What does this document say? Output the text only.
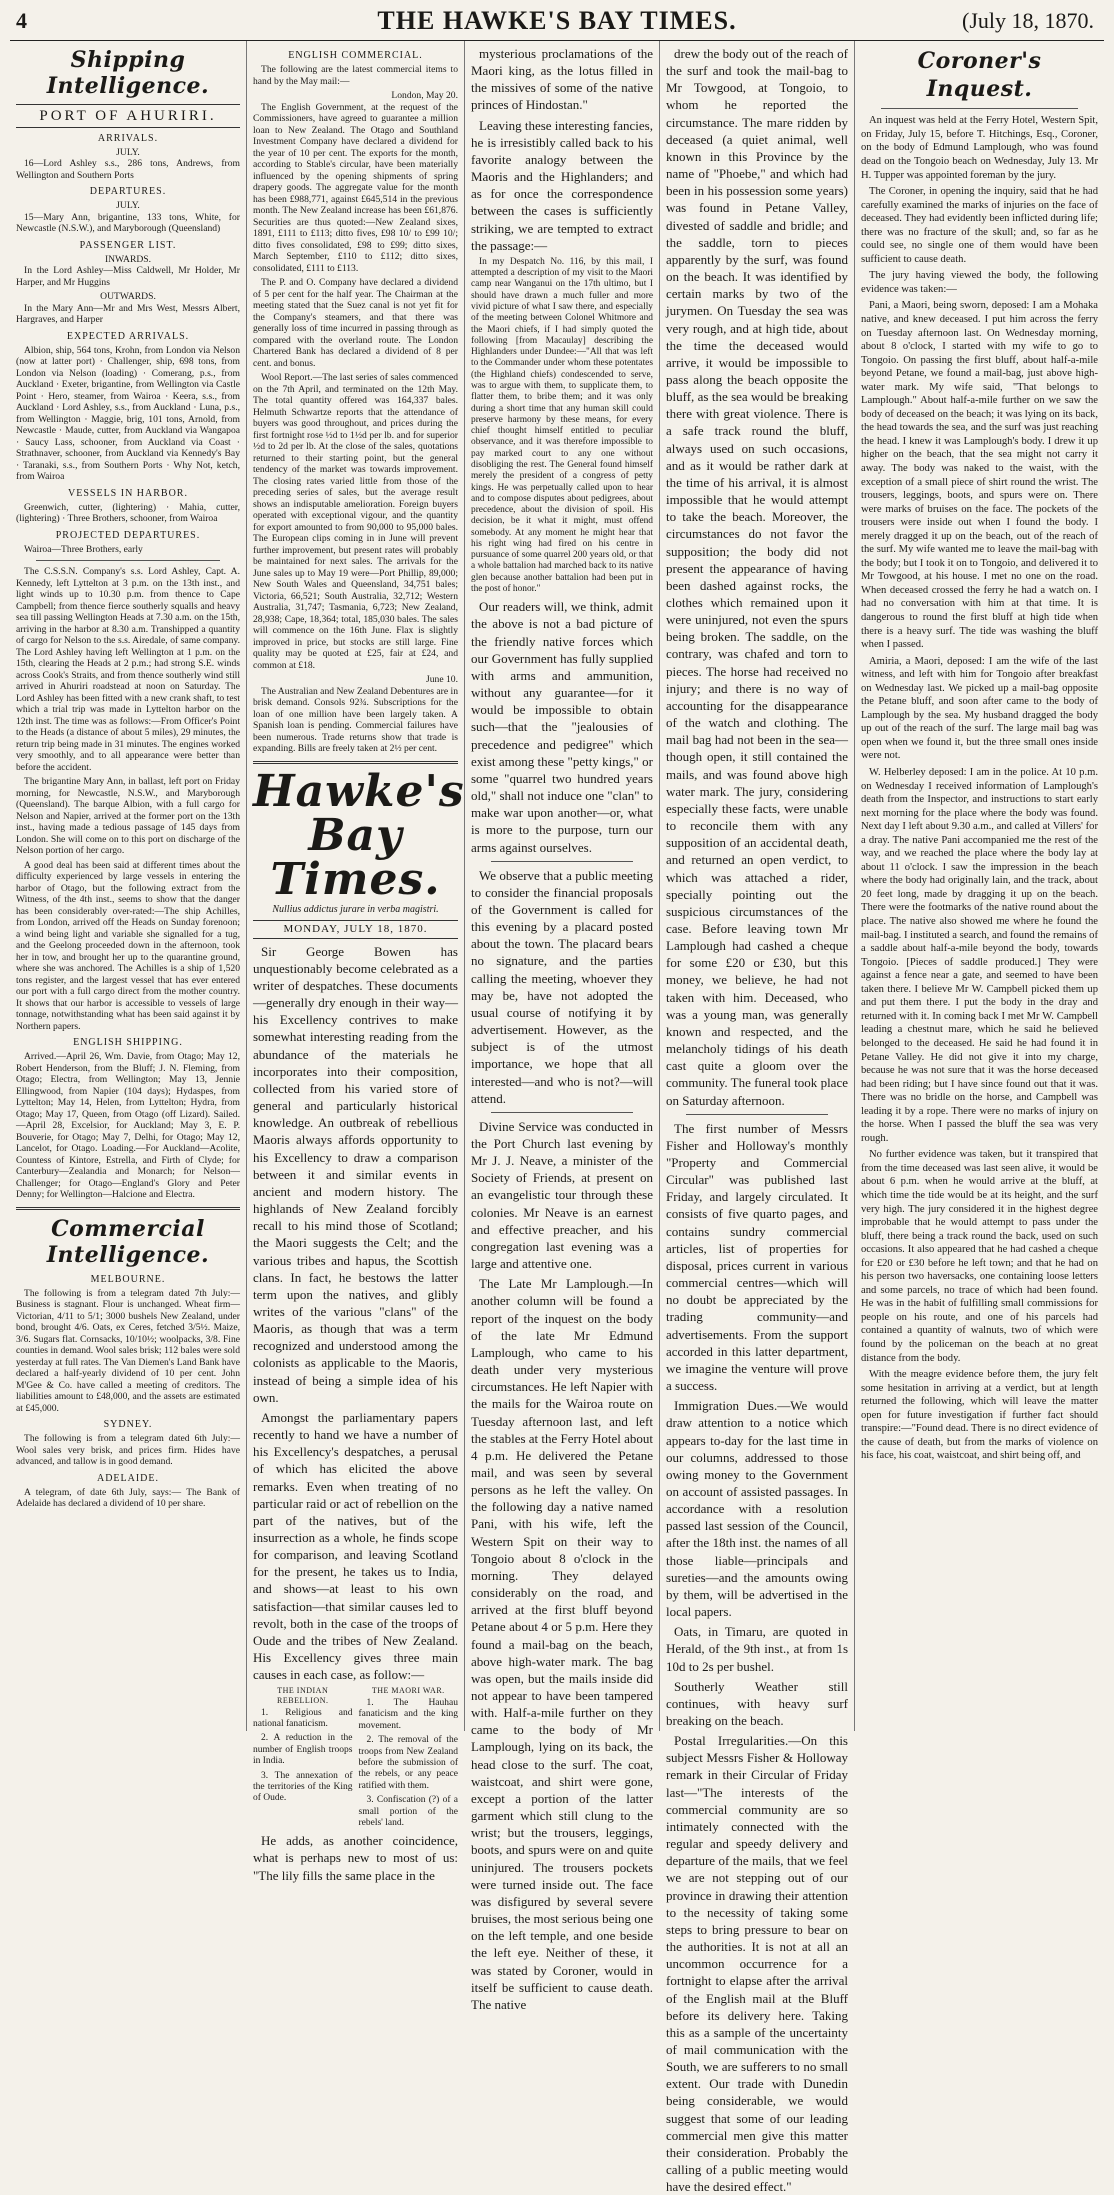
4	THE HAWKE'S BAY TIMES.	(July 18, 1870.
Shipping Intelligence.
PORT OF AHURIRI.
ARRIVALS.
JULY.

16—Lord Ashley s.s., 286 tons, Andrews, from Wellington and Southern Ports

DEPARTURES.
JULY.

15—Mary Ann, brigantine, 133 tons, White, for Newcastle (N.S.W.), and Maryborough (Queensland)

PASSENGER LIST.
INWARDS.

In the Lord Ashley—Miss Caldwell, Mr Holder, Mr Harper, and Mr Huggins

OUTWARDS.

In the Mary Ann—Mr and Mrs West, Messrs Albert, Hargraves, and Harper

EXPECTED ARRIVALS.

Albion, ship, 564 tons, Krohn, from London via Nelson (now at latter port) · Challenger, ship, 698 tons, from London via Nelson (loading) · Comerang, p.s., from Auckland · Exeter, brigantine, from Wellington via Castle Point · Hero, steamer, from Wairoa · Keera, s.s., from Auckland · Lord Ashley, s.s., from Auckland · Luna, p.s., from Wellington · Maggie, brig, 101 tons, Arnold, from Newcastle · Maude, cutter, from Auckland via Wangapoa · Saucy Lass, schooner, from Auckland via Coast · Strathnaver, schooner, from Auckland via Kennedy's Bay · Taranaki, s.s., from Southern Ports · Why Not, ketch, from Wairoa

VESSELS IN HARBOR.

Greenwich, cutter, (lightering) · Mahia, cutter, (lightering) · Three Brothers, schooner, from Wairoa

PROJECTED DEPARTURES.

Wairoa—Three Brothers, early

The C.S.S.N. Company's s.s. Lord Ashley, Capt. A. Kennedy, left Lyttelton at 3 p.m. on the 13th inst., and light winds up to 10.30 p.m. from thence to Cape Campbell; from thence fierce southerly squalls and heavy sea till passing Wellington Heads at 7.30 a.m. on the 15th, arriving in the harbor at 8.30 a.m. Transhipped a quantity of cargo for Nelson to the s.s. Airedale, of same company. The Lord Ashley having left Wellington at 1 p.m. on the 15th, clearing the Heads at 2 p.m.; had strong S.E. winds across Cook's Straits, and from thence southerly wind still arrived in Ahuriri roadstead at noon on Saturday. The Lord Ashley has been fitted with a new crank shaft, to test which a trial trip was made in Lyttelton harbor on the 12th inst. The time was as follows:—From Officer's Point to the Heads (a distance of about 5 miles), 29 minutes, the return trip being made in 31 minutes. The engines worked very smoothly, and to all appearance were better than before the accident.

The brigantine Mary Ann, in ballast, left port on Friday morning, for Newcastle, N.S.W., and Maryborough (Queensland). The barque Albion, with a full cargo for Nelson and Napier, arrived at the former port on the 13th inst., having made a tedious passage of 145 days from London. She will come on to this port on discharge of the Nelson portion of her cargo.

A good deal has been said at different times about the difficulty experienced by large vessels in entering the harbor of Otago, but the following extract from the Witness, of the 4th inst., seems to show that the danger has been considerably over-rated:—The ship Achilles, from London, arrived off the Heads on Sunday forenoon; a wind being light and variable she signalled for a tug, and the Geelong proceeded down in the afternoon, took her in tow, and brought her up to the quarantine ground, where she was anchored. The Achilles is a ship of 1,520 tons register, and the largest vessel that has ever entered our port with a full cargo direct from the mother country. It shows that our harbor is accessible to vessels of large tonnage, notwithstanding what has been said against it by Northern papers.

ENGLISH SHIPPING.

Arrived.—April 26, Wm. Davie, from Otago; May 12, Robert Henderson, from the Bluff; J. N. Fleming, from Otago; Electra, from Wellington; May 13, Jennie Ellingwood, from Napier (104 days); Hydaspes, from Lyttelton; May 14, Helen, from Lyttelton; Hydra, from Otago; May 17, Queen, from Otago (off Lizard). Sailed.—April 28, Excelsior, for Auckland; May 3, E. P. Bouverie, for Otago; May 7, Delhi, for Otago; May 12, Lancelot, for Otago. Loading.—For Auckland—Acolite, Countess of Kintore, Estrella, and Firth of Clyde; for Canterbury—Zealandia and Monarch; for Nelson—Challenger; for Otago—England's Glory and Peter Denny; for Wellington—Halcione and Electra.

Commercial Intelligence.
MELBOURNE.

The following is from a telegram dated 7th July:— Business is stagnant. Flour is unchanged. Wheat firm—Victorian, 4/11 to 5/1; 3000 bushels New Zealand, under bond, brought 4/6. Oats, ex Ceres, fetched 3/5½. Maize, 3/6. Sugars flat. Cornsacks, 10/10½; woolpacks, 3/8. Fine counties in demand. Wool sales brisk; 112 bales were sold yesterday at full rates. The Van Diemen's Land Bank have declared a half-yearly dividend of 10 per cent. John M'Gee & Co. have called a meeting of creditors. The liabilities amount to £48,000, and the assets are estimated at £45,000.

SYDNEY.

The following is from a telegram dated 6th July:— Wool sales very brisk, and prices firm. Hides have advanced, and tallow is in good demand.

ADELAIDE.

A telegram, of date 6th July, says:— The Bank of Adelaide has declared a dividend of 10 per share.

ENGLISH COMMERCIAL.

The following are the latest commercial items to hand by the May mail:—

London, May 20.

The English Government, at the request of the Commissioners, have agreed to guarantee a million loan to New Zealand. The Otago and Southland Investment Company have declared a dividend for the year of 10 per cent. The exports for the month, according to Stable's circular, have been materially influenced by the opening shipments of spring drapery goods. The aggregate value for the month has been £988,771, against £645,514 in the previous month. The New Zealand increase has been £61,876. Securities are thus quoted:—New Zealand sixes, 1891, £111 to £113; ditto fives, £98 10/ to £99 10/; ditto fives consolidated, £98 to £99; ditto sixes, March September, £110 to £112; ditto sixes, consolidated, £111 to £113.

The P. and O. Company have declared a dividend of 5 per cent for the half year. The Chairman at the meeting stated that the Suez canal is not yet fit for the Company's steamers, and that there was generally loss of time incurred in passing through as compared with the overland route. The London Chartered Bank has declared a dividend of 8 per cent. and bonus.

Wool Report.—The last series of sales commenced on the 7th April, and terminated on the 12th May. The total quantity offered was 164,337 bales. Helmuth Schwartze reports that the attendance of buyers was good throughout, and prices during the first fortnight rose ½d to 1½d per lb. and for superior ½d to 2d per lb. At the close of the sales, quotations returned to their starting point, but the general tendency of the market was towards improvement. The closing rates varied little from those of the preceding series of sales, but the average result shows an indisputable amelioration. Foreign buyers operated with exceptional vigour, and the quantity for export amounted to from 90,000 to 95,000 bales. The European clips coming in in June will prevent further improvement, but present rates will probably be maintained for next sales. The arrivals for the June sales up to May 19 were—Port Phillip, 89,000; New South Wales and Queensland, 34,751 bales; Victoria, 66,521; South Australia, 32,712; Western Australia, 31,747; Tasmania, 6,723; New Zealand, 28,938; Cape, 18,364; total, 185,030 bales. The sales will commence on the 16th June. Flax is slightly improved in price, but stocks are still large. Fine quality may be quoted at £25, fair at £24, and common at £18.

June 10.

The Australian and New Zealand Debentures are in brisk demand. Consols 92¾. Subscriptions for the loan of one million have been largely taken. A Spanish loan is pending. Commercial failures have been numerous. Trade returns show that trade is expanding. Bills are freely taken at 2½ per cent.

Hawke's Bay Times.
Nullius addictus jurare in verba magistri.
MONDAY, JULY 18, 1870.

Sir George Bowen has unquestionably become celebrated as a writer of despatches. These documents—generally dry enough in their way—his Excellency contrives to make somewhat interesting reading from the abundance of the materials he incorporates into their composition, collected from his varied store of general and particularly historical knowledge. An outbreak of rebellious Maoris always affords opportunity to his Excellency to draw a comparison between it and similar events in ancient and modern history. The highlands of New Zealand forcibly recall to his mind those of Scotland; the Maori suggests the Celt; and the various tribes and hapus, the Scottish clans. In fact, he bestows the latter term upon the natives, and glibly writes of the various "clans" of the Maoris, as though that was a term recognized and understood among the colonists as applicable to the Maoris, instead of being a simple idea of his own.

Amongst the parliamentary papers recently to hand we have a number of his Excellency's despatches, a perusal of which has elicited the above remarks. Even when treating of no particular raid or act of rebellion on the part of the natives, but of the insurrection as a whole, he finds scope for comparison, and leaving Scotland for the present, he takes us to India, and shows—at least to his own satisfaction—that similar causes led to revolt, both in the case of the troops of Oude and the tribes of New Zealand. His Excellency gives three main causes in each case, as follow:—

THE INDIAN REBELLION.

1. Religious and national fanaticism.

2. A reduction in the number of English troops in India.

3. The annexation of the territories of the King of Oude.

THE MAORI WAR.

1. The Hauhau fanaticism and the king movement.

2. The removal of the troops from New Zealand before the submission of the rebels, or any peace ratified with them.

3. Confiscation (?) of a small portion of the rebels' land.

He adds, as another coincidence, what is perhaps new to most of us: "The lily fills the same place in the

mysterious proclamations of the Maori king, as the lotus filled in the missives of some of the native princes of Hindostan."

Leaving these interesting fancies, he is irresistibly called back to his favorite analogy between the Maoris and the Highlanders; and as for once the correspondence between the cases is sufficiently striking, we are tempted to extract the passage:—

In my Despatch No. 116, by this mail, I attempted a description of my visit to the Maori camp near Wanganui on the 17th ultimo, but I should have drawn a much fuller and more vivid picture of what I saw there, and especially of the meeting between Colonel Whitmore and the Maori chiefs, if I had simply quoted the following [from Macaulay] describing the Highlanders under Dundee:—"All that was left to the Commander under whom these potentates (the Highland chiefs) condescended to serve, was to argue with them, to supplicate them, to flatter them, to bribe them; and it was only during a short time that any human skill could preserve harmony by these means, for every chief thought himself entitled to peculiar observance, and it was therefore impossible to pay marked court to any one without disobliging the rest. The General found himself merely the president of a congress of petty kings. He was perpetually called upon to hear and to compose disputes about pedigrees, about precedence, about the division of spoil. His decision, be it what it might, must offend somebody. At any moment he might hear that his right wing had fired on his centre in pursuance of some quarrel 200 years old, or that a whole battalion had marched back to its native glen because another battalion had been put in the post of honor."

Our readers will, we think, admit the above is not a bad picture of the friendly native forces which our Government has fully supplied with arms and ammunition, without any guarantee—for it would be impossible to obtain such—that the "jealousies of precedence and pedigree" which exist among these "petty kings," or some "quarrel two hundred years old," shall not induce one "clan" to make war upon another—or, what is more to the purpose, turn our arms against ourselves.

We observe that a public meeting to consider the financial proposals of the Government is called for this evening by a placard posted about the town. The placard bears no signature, and the parties calling the meeting, whoever they may be, have not adopted the usual course of notifying it by advertisement. However, as the subject is of the utmost importance, we hope that all interested—and who is not?—will attend.

Divine Service was conducted in the Port Church last evening by Mr J. J. Neave, a minister of the Society of Friends, at present on an evangelistic tour through these colonies. Mr Neave is an earnest and effective preacher, and his congregation last evening was a large and attentive one.

The Late Mr Lamplough.—In another column will be found a report of the inquest on the body of the late Mr Edmund Lamplough, who came to his death under very mysterious circumstances. He left Napier with the mails for the Wairoa route on Tuesday afternoon last, and left the stables at the Ferry Hotel about 4 p.m. He delivered the Petane mail, and was seen by several persons as he left the valley. On the following day a native named Pani, with his wife, left the Western Spit on their way to Tongoio about 8 o'clock in the morning. They delayed considerably on the road, and arrived at the first bluff beyond Petane about 4 or 5 p.m. Here they found a mail-bag on the beach, above high-water mark. The bag was open, but the mails inside did not appear to have been tampered with. Half-a-mile further on they came to the body of Mr Lamplough, lying on its back, the head close to the surf. The coat, waistcoat, and shirt were gone, except a portion of the latter garment which still clung to the wrist; but the trousers, leggings, boots, and spurs were on and quite uninjured. The trousers pockets were turned inside out. The face was disfigured by several severe bruises, the most serious being one on the left temple, and one beside the left eye. Neither of these, it was stated by Coroner, would in itself be sufficient to cause death. The native

drew the body out of the reach of the surf and took the mail-bag to Mr Towgood, at Tongoio, to whom he reported the circumstance. The mare ridden by deceased (a quiet animal, well known in this Province by the name of "Phoebe," and which had been in his possession some years) was found in Petane Valley, divested of saddle and bridle; and the saddle, torn to pieces apparently by the surf, was found on the beach. It was identified by certain marks by two of the jurymen. On Tuesday the sea was very rough, and at high tide, about the time the deceased would arrive, it would be impossible to pass along the beach opposite the bluff, as the sea would be breaking there with great violence. There is a safe track round the bluff, always used on such occasions, and as it would be rather dark at the time of his arrival, it is almost impossible that he would attempt to take the beach. Moreover, the circumstances do not favor the supposition; the body did not present the appearance of having been dashed against rocks, the clothes which remained upon it were uninjured, not even the spurs being broken. The saddle, on the contrary, was chafed and torn to pieces. The horse had received no injury; and there is no way of accounting for the disappearance of the watch and clothing. The mail bag had not been in the sea—though open, it still contained the mails, and was found above high water mark. The jury, considering especially these facts, were unable to reconcile them with any supposition of an accidental death, and returned an open verdict, to which was attached a rider, specially pointing out the suspicious circumstances of the case. Before leaving town Mr Lamplough had cashed a cheque for some £20 or £30, but this money, we believe, he had not taken with him. Deceased, who was a young man, was generally known and respected, and the melancholy tidings of his death cast quite a gloom over the community. The funeral took place on Saturday afternoon.

The first number of Messrs Fisher and Holloway's monthly "Property and Commercial Circular" was published last Friday, and largely circulated. It consists of five quarto pages, and contains sundry commercial articles, list of properties for disposal, prices current in various commercial centres—which will no doubt be appreciated by the trading community—and advertisements. From the support accorded in this latter department, we imagine the venture will prove a success.

Immigration Dues.—We would draw attention to a notice which appears to-day for the last time in our columns, addressed to those owing money to the Government on account of assisted passages. In accordance with a resolution passed last session of the Council, after the 18th inst. the names of all those liable—principals and sureties—and the amounts owing by them, will be advertised in the local papers.

Oats, in Timaru, are quoted in Herald, of the 9th inst., at from 1s 10d to 2s per bushel.

Southerly Weather still continues, with heavy surf breaking on the beach.

Postal Irregularities.—On this subject Messrs Fisher & Holloway remark in their Circular of Friday last—"The interests of the commercial community are so intimately connected with the regular and speedy delivery and departure of the mails, that we feel we are not stepping out of our province in drawing their attention to the necessity of taking some steps to bring pressure to bear on the authorities. It is not at all an uncommon occurrence for a fortnight to elapse after the arrival of the English mail at the Bluff before its delivery here. Taking this as a sample of the uncertainty of mail communication with the South, we are sufferers to no small extent. Our trade with Dunedin being considerable, we would suggest that some of our leading commercial men give this matter their consideration. Probably the calling of a public meeting would have the desired effect."

Coroner's Inquest.

An inquest was held at the Ferry Hotel, Western Spit, on Friday, July 15, before T. Hitchings, Esq., Coroner, on the body of Edmund Lamplough, who was found dead on the Tongoio beach on Wednesday, July 13. Mr H. Tupper was appointed foreman by the jury.

The Coroner, in opening the inquiry, said that he had carefully examined the marks of injuries on the face of deceased. They had evidently been inflicted during life; there was no fracture of the skull; and, so far as he could see, no single one of them would have been sufficient to cause death.

The jury having viewed the body, the following evidence was taken:—

Pani, a Maori, being sworn, deposed: I am a Mohaka native, and knew deceased. I put him across the ferry on Tuesday afternoon last. On Wednesday morning, about 8 o'clock, I started with my wife to go to Tongoio. On passing the first bluff, about half-a-mile beyond Petane, we found a mail-bag, just above high-water mark. My wife said, "That belongs to Lamplough." About half-a-mile further on we saw the body of deceased on the beach; it was lying on its back, the head towards the sea, and the surf was just reaching the head. I knew it was Lamplough's body. I drew it up higher on the beach, that the sea might not carry it away. The body was naked to the waist, with the exception of a small piece of shirt round the wrist. The trousers, leggings, boots, and spurs were on. There were marks of bruises on the face. The pockets of the trousers were inside out when I found the body. I merely dragged it up on the beach, out of the reach of the surf. My wife wanted me to leave the mail-bag with the body; but I took it on to Tongoio, and delivered it to Mr Towgood, at his house. I met no one on the road. When deceased crossed the ferry he had a watch on. I had no conversation with him at that time. It is dangerous to round the first bluff at high tide when there is a heavy surf. The tide was washing the bluff when I passed.

Amiria, a Maori, deposed: I am the wife of the last witness, and left with him for Tongoio after breakfast on Wednesday last. We picked up a mail-bag opposite the Petane bluff, and soon after came to the body of Lamplough by the sea. My husband dragged the body up out of the reach of the surf. The large mail bag was open when we found it, but the three small ones inside were not.

W. Helberley deposed: I am in the police. At 10 p.m. on Wednesday I received information of Lamplough's death from the Inspector, and instructions to start early next morning for the place where the body was found. Next day I left about 9.30 a.m., and called at Villers' for a dray. The native Pani accompanied me the rest of the way, and we reached the place where the body lay at about 11 o'clock. I saw the impression in the beach where the body had originally lain, and the track, about 20 feet long, made by dragging it up on the beach. There were the footmarks of the native round about the place. The native also showed me where he found the mail-bag. I instituted a search, and found the remains of a saddle about half-a-mile beyond the body, towards Tongoio. [Pieces of saddle produced.] They were against a fence near a gate, and seemed to have been taken there. I believe Mr W. Campbell picked them up and put them there. I put the body in the dray and returned with it. In coming back I met Mr W. Campbell leading a chestnut mare, which he said he believed belonged to the deceased. He said he had found it in Petane Valley. He did not give it into my charge, because he was not sure that it was the horse deceased had been riding; but I have since found out that it was. There was no bridle on the horse, and Campbell was leading it by a rope. There were no marks of injury on the horse. When I passed the bluff the sea was very rough.

No further evidence was taken, but it transpired that from the time deceased was last seen alive, it would be about 6 p.m. when he would arrive at the bluff, at which time the tide would be at its height, and the surf very high. The jury considered it in the highest degree improbable that he would attempt to pass under the bluff, there being a track round the back, used on such occasions. It also appeared that he had cashed a cheque for £20 or £30 before he left town; and that he had on his person two haversacks, one containing loose letters and some parcels, no trace of which had been found. He was in the habit of fulfilling small commissions for people on his route, and one of his parcels had contained a quantity of walnuts, two of which were found by the policeman on the beach at no great distance from the body.

With the meagre evidence before them, the jury felt some hesitation in arriving at a verdict, but at length returned the following, which will leave the matter open for future investigation if further fact should transpire:—"Found dead. There is no direct evidence of the cause of death, but from the marks of violence on his face, his coat, waistcoat, and shirt being off, and
